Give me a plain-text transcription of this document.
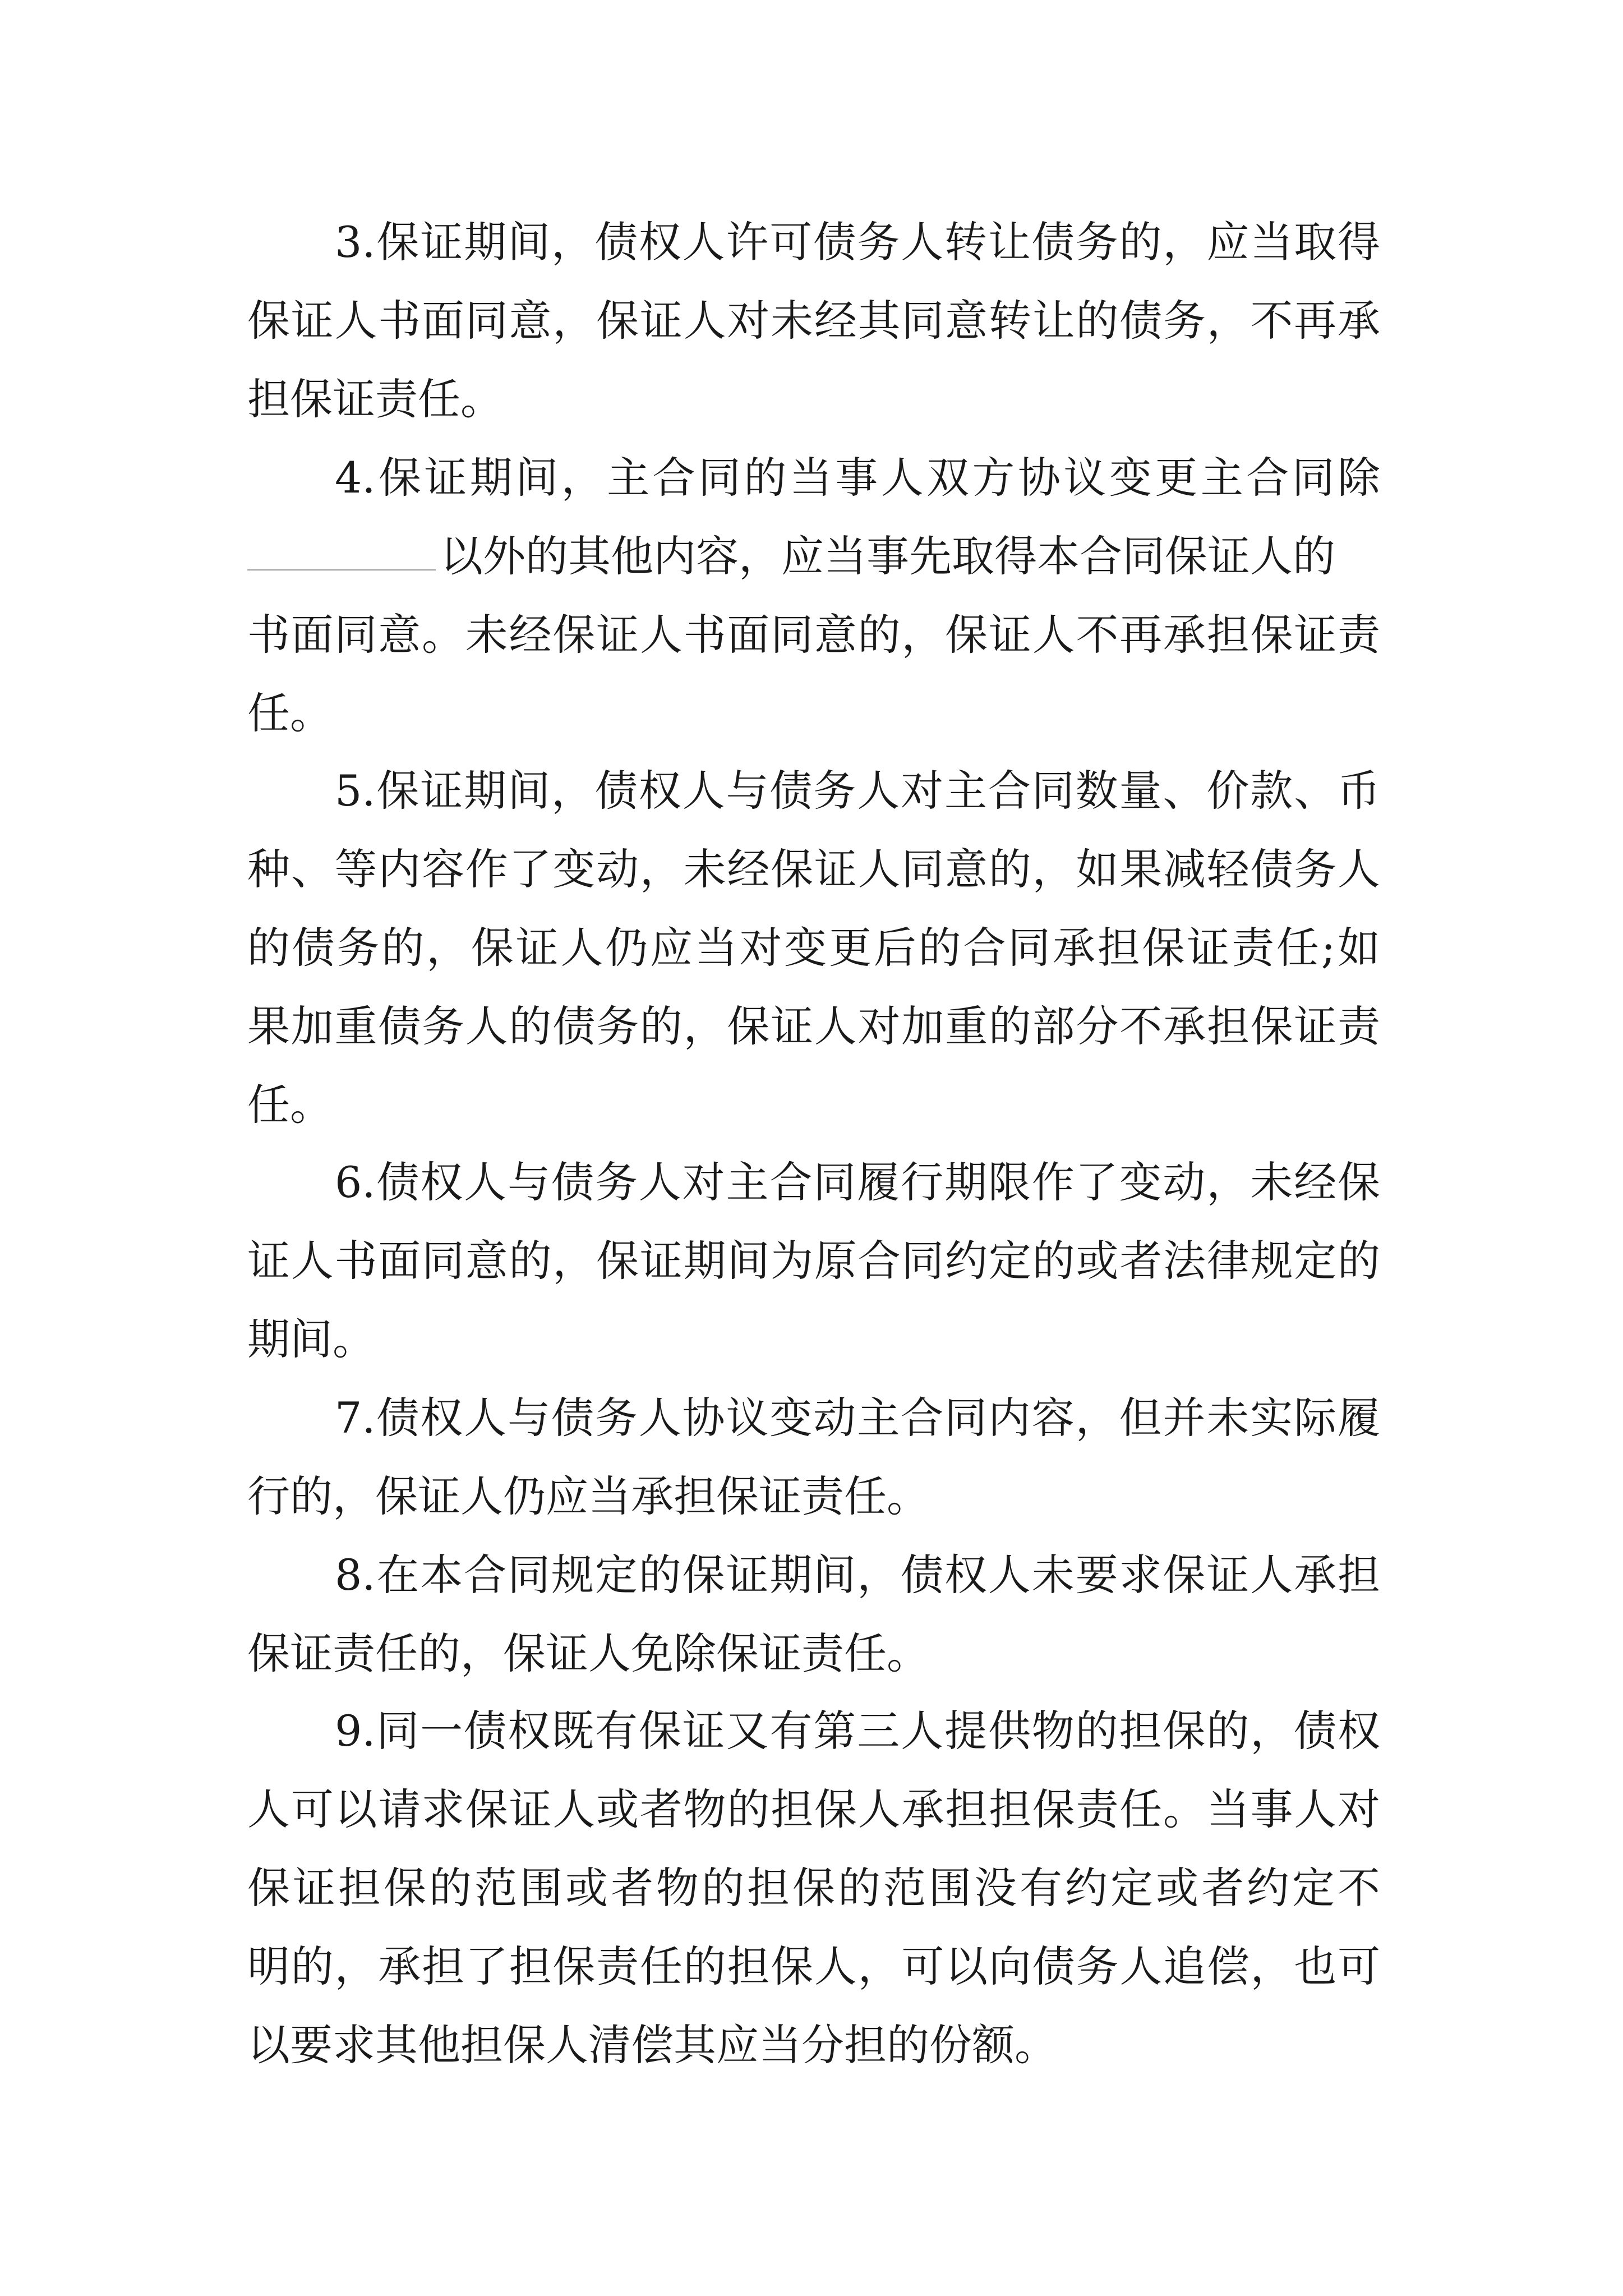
3.保证期间，债权人许可债务人转让债务的，应当取得
保证人书面同意，保证人对未经其同意转让的债务，不再承
担保证责任。
4.保证期间，主合同的当事人双方协议变更主合同除
以外的其他内容，应当事先取得本合同保证人的
书面同意。未经保证人书面同意的，保证人不再承担保证责
任。
5.保证期间，债权人与债务人对主合同数量、价款、币
种、等内容作了变动，未经保证人同意的，如果减轻债务人
的债务的，保证人仍应当对变更后的合同承担保证责任;如
果加重债务人的债务的，保证人对加重的部分不承担保证责
任。
6.债权人与债务人对主合同履行期限作了变动，未经保
证人书面同意的，保证期间为原合同约定的或者法律规定的
期间。
7.债权人与债务人协议变动主合同内容，但并未实际履
行的，保证人仍应当承担保证责任。
8.在本合同规定的保证期间，债权人未要求保证人承担
保证责任的，保证人免除保证责任。
9.同一债权既有保证又有第三人提供物的担保的，债权
人可以请求保证人或者物的担保人承担担保责任。当事人对
保证担保的范围或者物的担保的范围没有约定或者约定不
明的，承担了担保责任的担保人，可以向债务人追偿，也可
以要求其他担保人清偿其应当分担的份额。
